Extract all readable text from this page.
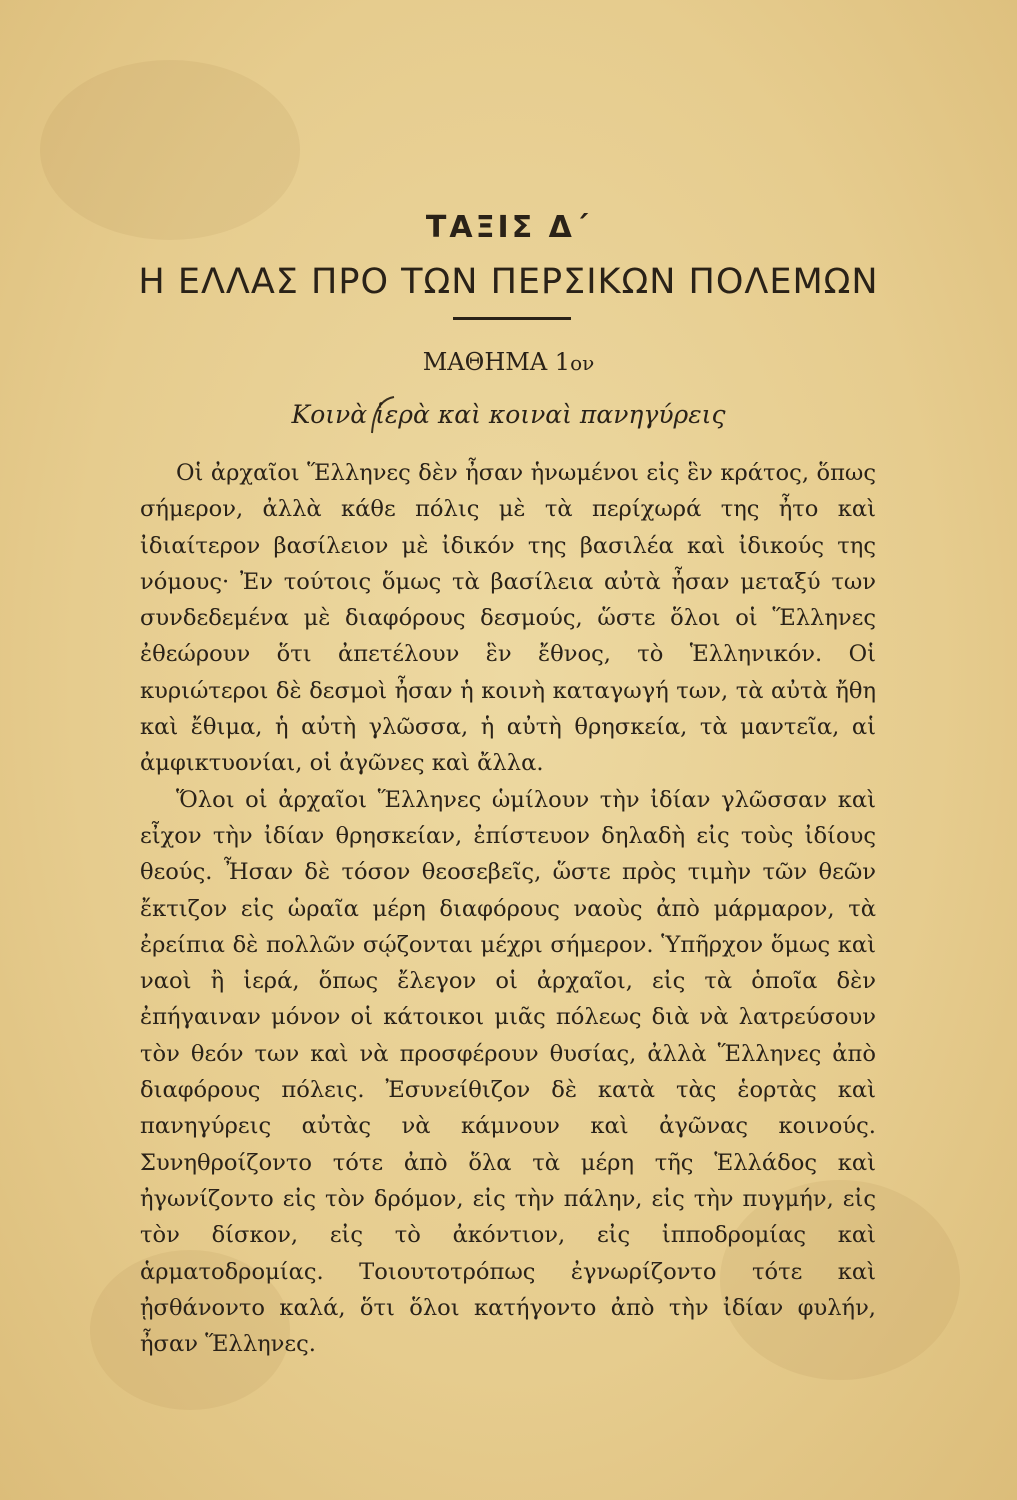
ΤΑΞΙΣ Δ΄
Η ΕΛΛΑΣ ΠΡΟ ΤΩΝ ΠΕΡΣΙΚΩΝ ΠΟΛΕΜΩΝ
ΜΑΘΗΜΑ 1ον
Κοινὰ ἱερὰ καὶ κοιναὶ πανηγύρεις

Οἱ ἀρχαῖοι Ἕλληνες δὲν ἦσαν ἡνωμένοι εἰς ἓν κράτος, ὅπως σήμερον, ἀλλὰ κάθε πόλις μὲ τὰ περίχωρά της ἦτο καὶ ἰδιαίτερον βασίλειον μὲ ἰδικόν της βασιλέα καὶ ἰδικούς της νόμους· Ἐν τούτοις ὅμως τὰ βασίλεια αὐτὰ ἦσαν μεταξύ των συνδεδεμένα μὲ διαφόρους δεσμούς, ὥστε ὅλοι οἱ Ἕλληνες ἐθεώρουν ὅτι ἀπετέλουν ἓν ἔθνος, τὸ Ἑλληνικόν. Οἱ κυριώτεροι δὲ δεσμοὶ ἦσαν ἡ κοινὴ καταγωγή των, τὰ αὐτὰ ἤθη καὶ ἔθιμα, ἡ αὐτὴ γλῶσσα, ἡ αὐτὴ θρησκεία, τὰ μαντεῖα, αἱ ἀμφικτυονίαι, οἱ ἀγῶνες καὶ ἄλλα.

Ὅλοι οἱ ἀρχαῖοι Ἕλληνες ὡμίλουν τὴν ἰδίαν γλῶσσαν καὶ εἶχον τὴν ἰδίαν θρησκείαν, ἐπίστευον δηλαδὴ εἰς τοὺς ἰδίους θεούς. Ἦσαν δὲ τόσον θεοσεβεῖς, ὥστε πρὸς τιμὴν τῶν θεῶν ἔκτιζον εἰς ὡραῖα μέρη διαφόρους ναοὺς ἀπὸ μάρμαρον, τὰ ἐρείπια δὲ πολλῶν σῴζονται μέχρι σήμερον. Ὑπῆρχον ὅμως καὶ ναοὶ ἢ ἱερά, ὅπως ἔλεγον οἱ ἀρχαῖοι, εἰς τὰ ὁποῖα δὲν ἐπήγαιναν μόνον οἱ κάτοικοι μιᾶς πόλεως διὰ νὰ λατρεύσουν τὸν θεόν των καὶ νὰ προσφέρουν θυσίας, ἀλλὰ Ἕλληνες ἀπὸ διαφόρους πόλεις. Ἐσυνείθιζον δὲ κατὰ τὰς ἑορτὰς καὶ πανηγύρεις αὐτὰς νὰ κάμνουν καὶ ἀγῶνας κοινούς. Συνηθροίζοντο τότε ἀπὸ ὅλα τὰ μέρη τῆς Ἑλλάδος καὶ ἠγωνίζοντο εἰς τὸν δρόμον, εἰς τὴν πάλην, εἰς τὴν πυγμήν, εἰς τὸν δίσκον, εἰς τὸ ἀκόντιον, εἰς ἱπποδρομίας καὶ ἁρματοδρομίας. Τοιουτοτρόπως ἐγνωρίζοντο τότε καὶ ᾐσθάνοντο καλά, ὅτι ὅλοι κατήγοντο ἀπὸ τὴν ἰδίαν φυλήν, ἦσαν Ἕλληνες.
